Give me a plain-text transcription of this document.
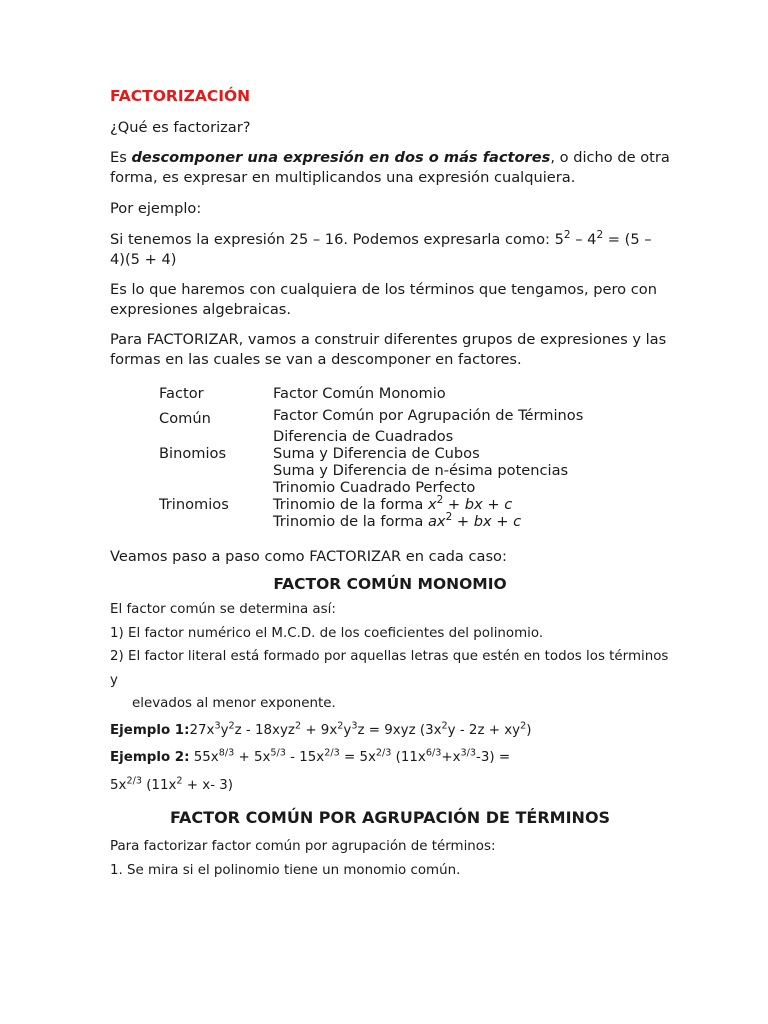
FACTORIZACIÓN

¿Qué es factorizar?

Es descomponer una expresión en dos o más factores, o dicho de otra forma, es expresar en multiplicandos una expresión cualquiera.

Por ejemplo:

Si tenemos la expresión 25 – 16. Podemos expresarla como: $5^2 - 4^2 = (5 - 4)(5 + 4)$

Es lo que haremos con cualquiera de los términos que tengamos, pero con expresiones algebraicas.

Para FACTORIZAR, vamos a construir diferentes grupos de expresiones y las formas en las cuales se van a descomponer en factores.

Factor
Común
Binomios
Trinomios
Factor Común Monomio
Factor Común por Agrupación de Términos
Diferencia de Cuadrados
Suma y Diferencia de Cubos
Suma y Diferencia de n-ésima potencias
Trinomio Cuadrado Perfecto
Trinomio de la forma $x^2$ + bx + c
Trinomio de la forma $ax^2$ + bx + c

Veamos paso a paso como FACTORIZAR en cada caso:

FACTOR COMÚN MONOMIO

El factor común se determina así:

1) El factor numérico el M.C.D. de los coeficientes del polinomio.

2) El factor literal está formado por aquellas letras que estén en todos los términos y

elevados al menor exponente.

Ejemplo $1:27x^3y^2z - 18xyz^2 + 9x^2y^3z = 9xyz$ $(3x^2y - 2z + xy^2)$

Ejemplo 2: $55x^{8/3} + 5x^{5/3} - 15x^{2/3} = 5x^{2/3}$ $(11x^{6/3}+x^{3/3}-3)$ =

$5x^{2/3}$ ($11x^2 + x-$ 3)

FACTOR COMÚN POR AGRUPACIÓN DE TÉRMINOS

Para factorizar factor común por agrupación de términos:

1. Se mira si el polinomio tiene un monomio común.
